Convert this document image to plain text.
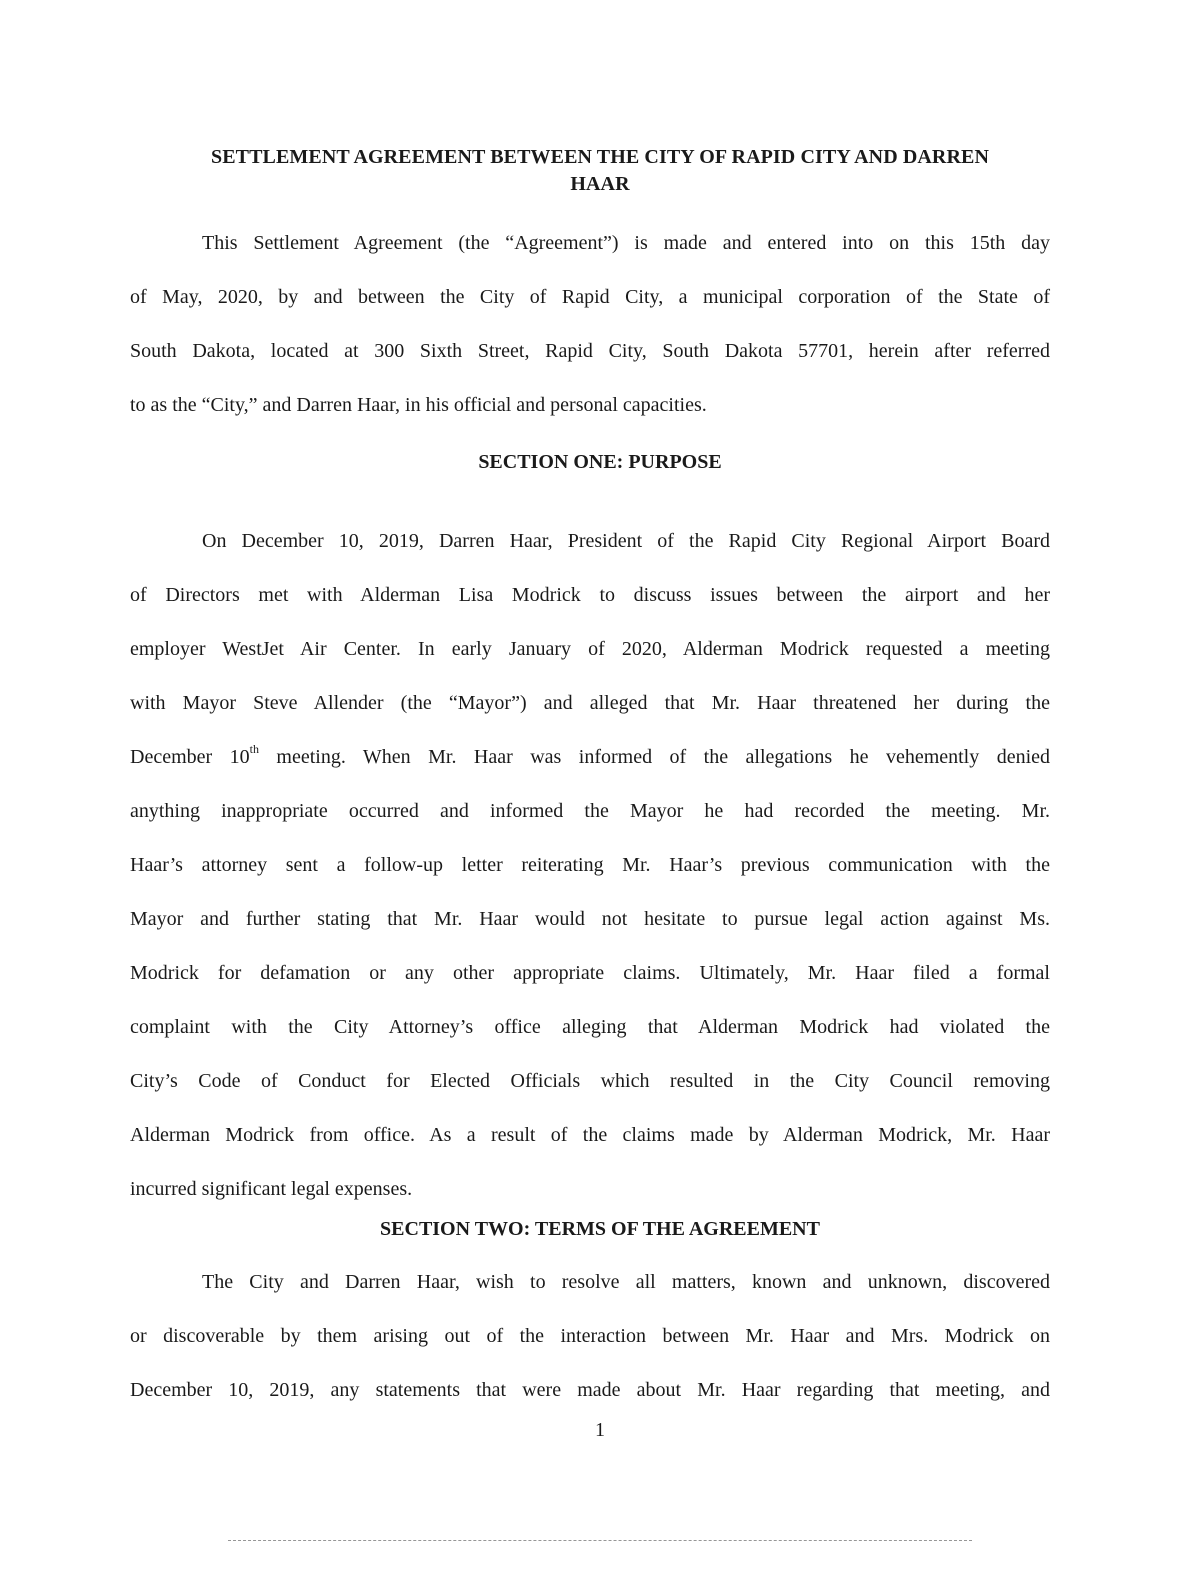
SETTLEMENT AGREEMENT BETWEEN THE CITY OF RAPID CITY AND DARREN
HAAR
This Settlement Agreement (the “Agreement”) is made and entered into on this 15th day
of May, 2020, by and between the City of Rapid City, a municipal corporation of the State of
South Dakota, located at 300 Sixth Street, Rapid City, South Dakota 57701, herein after referred
to as the “City,” and Darren Haar, in his official and personal capacities.
SECTION ONE: PURPOSE
On December 10, 2019, Darren Haar, President of the Rapid City Regional Airport Board
of Directors met with Alderman Lisa Modrick to discuss issues between the airport and her
employer WestJet Air Center. In early January of 2020, Alderman Modrick requested a meeting
with Mayor Steve Allender (the “Mayor”) and alleged that Mr. Haar threatened her during the
December 10th meeting. When Mr. Haar was informed of the allegations he vehemently denied
anything inappropriate occurred and informed the Mayor he had recorded the meeting. Mr.
Haar’s attorney sent a follow-up letter reiterating Mr. Haar’s previous communication with the
Mayor and further stating that Mr. Haar would not hesitate to pursue legal action against Ms.
Modrick for defamation or any other appropriate claims. Ultimately, Mr. Haar filed a formal
complaint with the City Attorney’s office alleging that Alderman Modrick had violated the
City’s Code of Conduct for Elected Officials which resulted in the City Council removing
Alderman Modrick from office. As a result of the claims made by Alderman Modrick, Mr. Haar
incurred significant legal expenses.
SECTION TWO: TERMS OF THE AGREEMENT
The City and Darren Haar, wish to resolve all matters, known and unknown, discovered
or discoverable by them arising out of the interaction between Mr. Haar and Mrs. Modrick on
December 10, 2019, any statements that were made about Mr. Haar regarding that meeting, and
1
